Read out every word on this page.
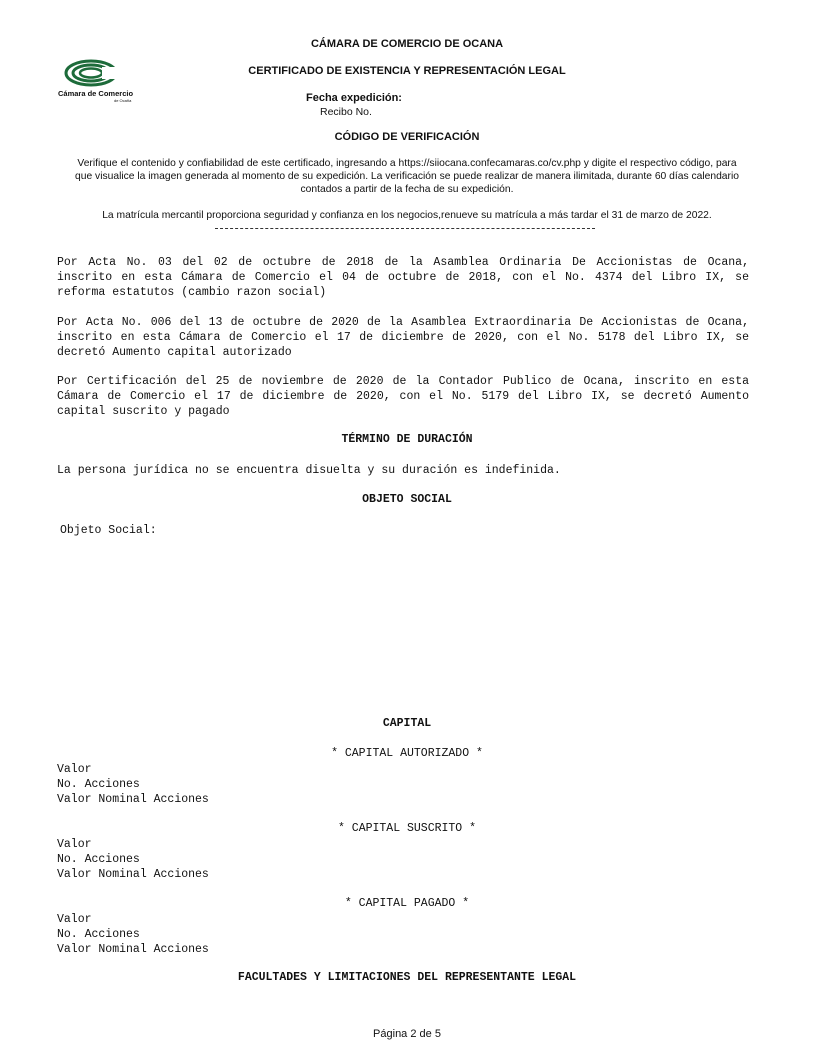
Cámara de Comercio
de Ocaña
CÁMARA DE COMERCIO DE OCANA
CERTIFICADO DE EXISTENCIA Y REPRESENTACIÓN LEGAL
Fecha expedición:
Recibo No.
CÓDIGO DE VERIFICACIÓN
Verifique el contenido y confiabilidad de este certificado, ingresando a https://siiocana.confecamaras.co/cv.php y digite el respectivo código, para
que visualice la imagen generada al momento de su expedición. La verificación se puede realizar de manera ilimitada, durante 60 días calendario
contados a partir de la fecha de su expedición.
La matrícula mercantil proporciona seguridad y confianza en los negocios,renueve su matrícula a más tardar el 31 de marzo de 2022.
Por Acta No. 03 del 02 de octubre de 2018 de la Asamblea Ordinaria De Accionistas de Ocana,
inscrito en esta Cámara de Comercio el 04 de octubre de 2018, con el No. 4374 del Libro IX, se
reforma estatutos (cambio razon social)
Por Acta No. 006 del 13 de octubre de 2020 de la Asamblea Extraordinaria De Accionistas de Ocana,
inscrito en esta Cámara de Comercio el 17 de diciembre de 2020, con el No. 5178 del Libro IX, se
decretó Aumento capital autorizado
Por Certificación del 25 de noviembre de 2020 de la Contador Publico de Ocana, inscrito en esta
Cámara de Comercio el 17 de diciembre de 2020, con el No. 5179 del Libro IX, se decretó Aumento
capital suscrito y pagado
TÉRMINO DE DURACIÓN
La persona jurídica no se encuentra disuelta y su duración es indefinida.
OBJETO SOCIAL
Objeto Social:
CAPITAL
* CAPITAL AUTORIZADO *
Valor
No. Acciones
Valor Nominal Acciones
* CAPITAL SUSCRITO *
Valor
No. Acciones
Valor Nominal Acciones
* CAPITAL PAGADO *
Valor
No. Acciones
Valor Nominal Acciones
FACULTADES Y LIMITACIONES DEL REPRESENTANTE LEGAL
Página 2 de 5
